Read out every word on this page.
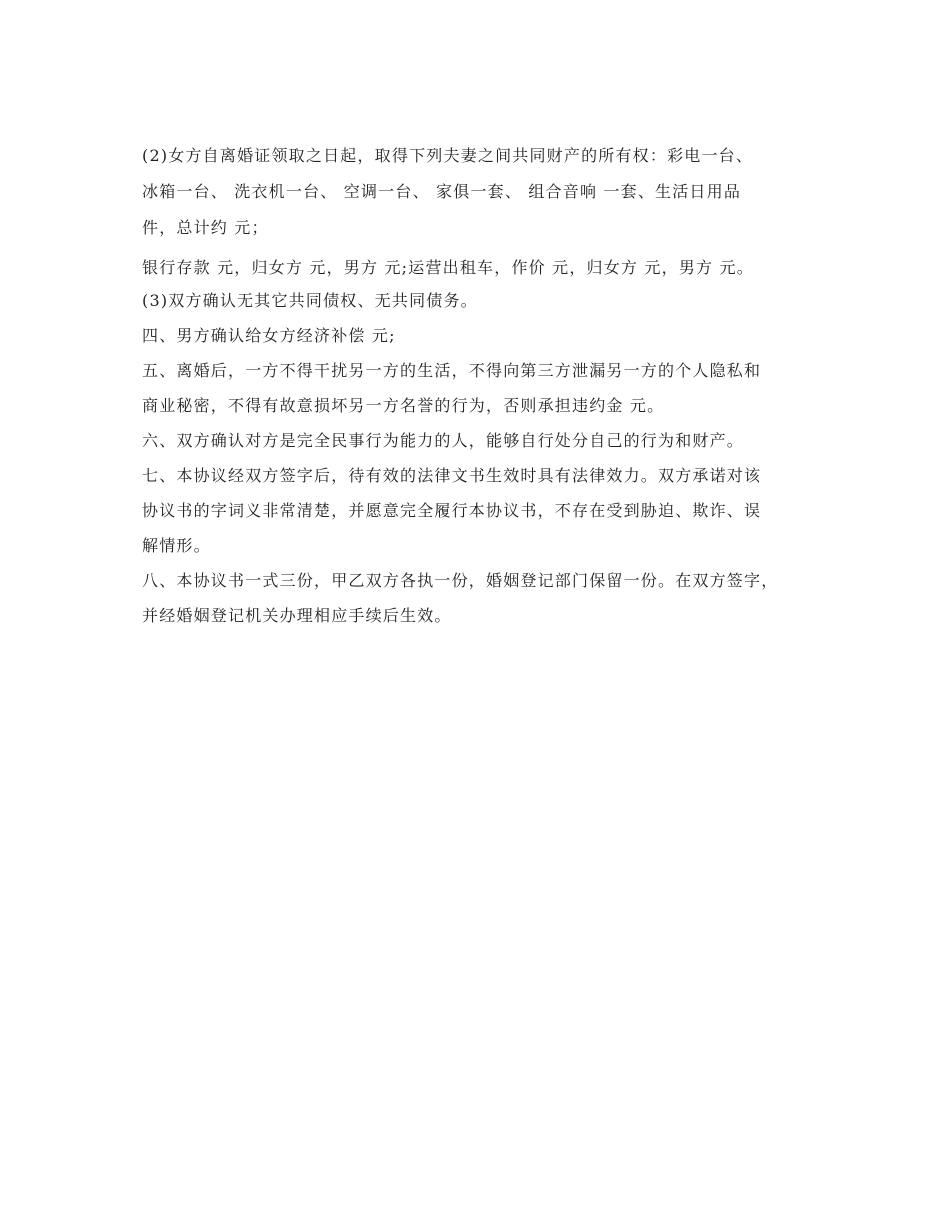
(2)女方自离婚证领取之日起，取得下列夫妻之间共同财产的所有权：彩电一台、
冰箱一台、 洗衣机一台、 空调一台、 家俱一套、 组合音响 一套、生活日用品
件，总计约 元；
银行存款 元，归女方 元，男方 元;运营出租车，作价 元，归女方 元，男方 元。
(3)双方确认无其它共同债权、无共同债务。
四、男方确认给女方经济补偿 元;
五、离婚后，一方不得干扰另一方的生活，不得向第三方泄漏另一方的个人隐私和
商业秘密，不得有故意损坏另一方名誉的行为，否则承担违约金 元。
六、双方确认对方是完全民事行为能力的人，能够自行处分自己的行为和财产。
七、本协议经双方签字后，待有效的法律文书生效时具有法律效力。双方承诺对该
协议书的字词义非常清楚，并愿意完全履行本协议书，不存在受到胁迫、欺诈、误
解情形。
八、本协议书一式三份，甲乙双方各执一份，婚姻登记部门保留一份。在双方签字，
并经婚姻登记机关办理相应手续后生效。
